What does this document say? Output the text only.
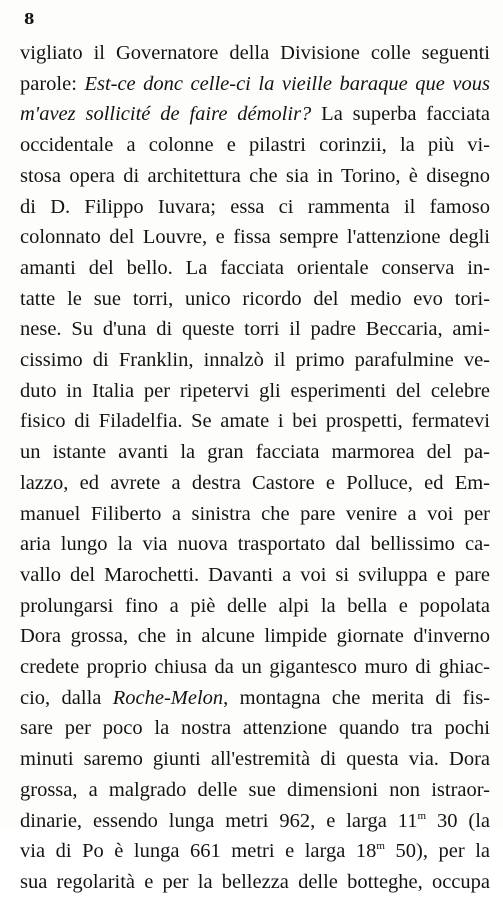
8
vigliato il Governatore della Divisione colle seguenti
parole: Est-ce donc celle-ci la vieille baraque que vous
m'avez sollicité de faire démolir? La superba facciata
occidentale a colonne e pilastri corinzii, la più vi-
stosa opera di architettura che sia in Torino, è disegno
di D. Filippo Iuvara; essa ci rammenta il famoso
colonnato del Louvre, e fissa sempre l'attenzione degli
amanti del bello. La facciata orientale conserva in-
tatte le sue torri, unico ricordo del medio evo tori-
nese. Su d'una di queste torri il padre Beccaria, ami-
cissimo di Franklin, innalzò il primo parafulmine ve-
duto in Italia per ripetervi gli esperimenti del celebre
fisico di Filadelfia. Se amate i bei prospetti, fermatevi
un istante avanti la gran facciata marmorea del pa-
lazzo, ed avrete a destra Castore e Polluce, ed Em-
manuel Filiberto a sinistra che pare venire a voi per
aria lungo la via nuova trasportato dal bellissimo ca-
vallo del Marochetti. Davanti a voi si sviluppa e pare
prolungarsi fino a piè delle alpi la bella e popolata
Dora grossa, che in alcune limpide giornate d'inverno
credete proprio chiusa da un gigantesco muro di ghiac-
cio, dalla Roche-Melon, montagna che merita di fis-
sare per poco la nostra attenzione quando tra pochi
minuti saremo giunti all'estremità di questa via. Dora
grossa, a malgrado delle sue dimensioni non istraor-
dinarie, essendo lunga metri 962, e larga 11$^m$ 30 (la
via di Po è lunga 661 metri e larga 18$^m$ 50), per la
sua regolarità e per la bellezza delle botteghe, occupa
